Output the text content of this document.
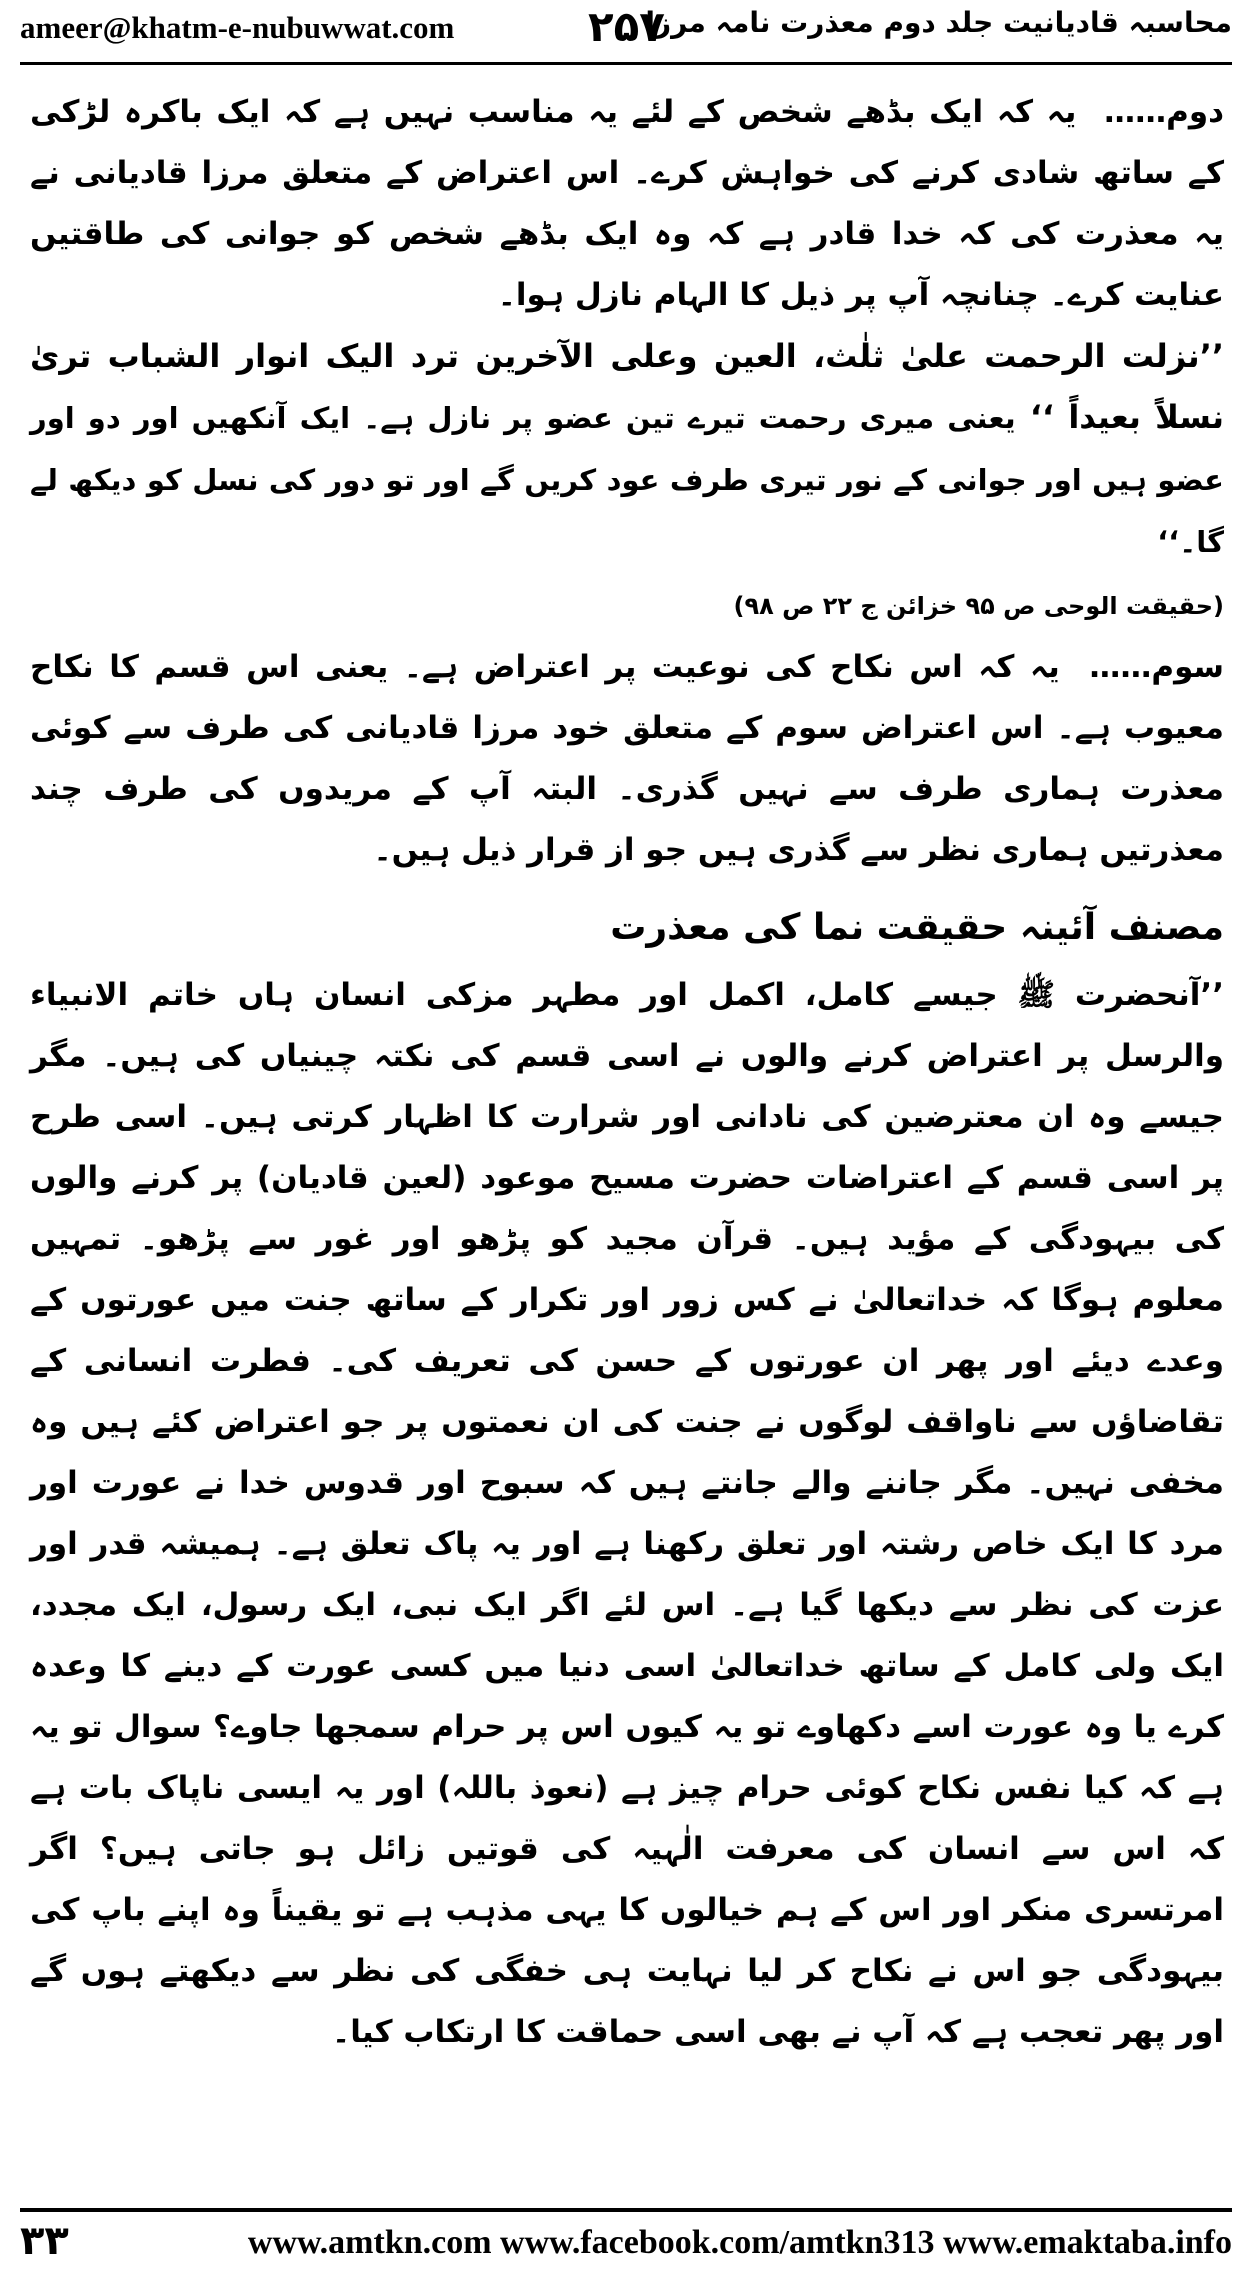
ameer@khatm-e-nubuwwat.com	۲۵۷
محاسبہ قادیانیت جلد دوم معذرت نامہ مرزا

دوم…… یہ کہ ایک بڈھے شخص کے لئے یہ مناسب نہیں ہے کہ ایک باکرہ لڑکی کے ساتھ شادی کرنے کی خواہش کرے۔ اس اعتراض کے متعلق مرزا قادیانی نے یہ معذرت کی کہ خدا قادر ہے کہ وہ ایک بڈھے شخص کو جوانی کی طاقتیں عنایت کرے۔ چنانچہ آپ پر ذیل کا الہام نازل ہوا۔

’’نزلت الرحمت علیٰ ثلٰث، العین وعلی الآخرین ترد الیک انوار الشباب تریٰ نسلاً بعیداً ‘‘ یعنی میری رحمت تیرے تین عضو پر نازل ہے۔ ایک آنکھیں اور دو اور عضو ہیں اور جوانی کے نور تیری طرف عود کریں گے اور تو دور کی نسل کو دیکھ لے گا۔‘‘

(حقیقت الوحی ص ۹۵ خزائن ج ۲۲ ص ۹۸)

سوم…… یہ کہ اس نکاح کی نوعیت پر اعتراض ہے۔ یعنی اس قسم کا نکاح معیوب ہے۔ اس اعتراض سوم کے متعلق خود مرزا قادیانی کی طرف سے کوئی معذرت ہماری طرف سے نہیں گذری۔ البتہ آپ کے مریدوں کی طرف چند معذرتیں ہماری نظر سے گذری ہیں جو از قرار ذیل ہیں۔

مصنف آئینہ حقیقت نما کی معذرت

’’آنحضرت ﷺ جیسے کامل، اکمل اور مطہر مزکی انسان ہاں خاتم الانبیاء والرسل پر اعتراض کرنے والوں نے اسی قسم کی نکتہ چینیاں کی ہیں۔ مگر جیسے وہ ان معترضین کی نادانی اور شرارت کا اظہار کرتی ہیں۔ اسی طرح پر اسی قسم کے اعتراضات حضرت مسیح موعود (لعین قادیان) پر کرنے والوں کی بیہودگی کے مؤید ہیں۔ قرآن مجید کو پڑھو اور غور سے پڑھو۔ تمہیں معلوم ہوگا کہ خداتعالیٰ نے کس زور اور تکرار کے ساتھ جنت میں عورتوں کے وعدے دیئے اور پھر ان عورتوں کے حسن کی تعریف کی۔ فطرت انسانی کے تقاضاؤں سے ناواقف لوگوں نے جنت کی ان نعمتوں پر جو اعتراض کئے ہیں وہ مخفی نہیں۔ مگر جاننے والے جانتے ہیں کہ سبوح اور قدوس خدا نے عورت اور مرد کا ایک خاص رشتہ اور تعلق رکھنا ہے اور یہ پاک تعلق ہے۔ ہمیشہ قدر اور عزت کی نظر سے دیکھا گیا ہے۔ اس لئے اگر ایک نبی، ایک رسول، ایک مجدد، ایک ولی کامل کے ساتھ خداتعالیٰ اسی دنیا میں کسی عورت کے دینے کا وعدہ کرے یا وہ عورت اسے دکھاوے تو یہ کیوں اس پر حرام سمجھا جاوے؟ سوال تو یہ ہے کہ کیا نفس نکاح کوئی حرام چیز ہے (نعوذ باللہ) اور یہ ایسی ناپاک بات ہے کہ اس سے انسان کی معرفت الٰہیہ کی قوتیں زائل ہو جاتی ہیں؟ اگر امرتسری منکر اور اس کے ہم خیالوں کا یہی مذہب ہے تو یقیناً وہ اپنے باپ کی بیہودگی جو اس نے نکاح کر لیا نہایت ہی خفگی کی نظر سے دیکھتے ہوں گے اور پھر تعجب ہے کہ آپ نے بھی اسی حماقت کا ارتکاب کیا۔

۳۳	www.amtkn.com www.facebook.com/amtkn313 www.emaktaba.info
